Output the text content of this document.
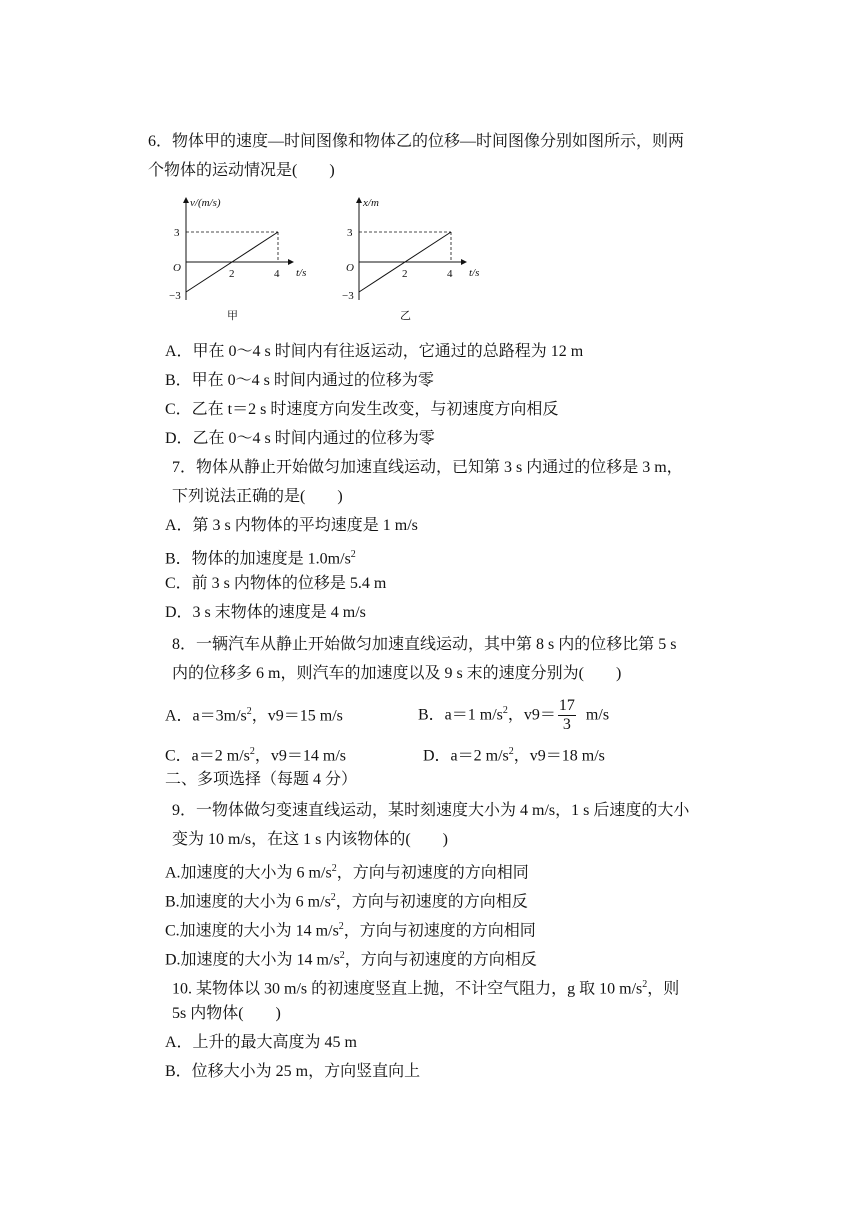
6．物体甲的速度—时间图像和物体乙的位移—时间图像分别如图所示，则两
个物体的运动情况是(　　)
v/(m/s)
t/s
O
3
−3
2	4
甲
x/m
t/s
O
3
−3
2	4
乙
A．甲在 0～4 s 时间内有往返运动，它通过的总路程为 12 m
B．甲在 0～4 s 时间内通过的位移为零
C．乙在 t＝2 s 时速度方向发生改变，与初速度方向相反
D．乙在 0～4 s 时间内通过的位移为零
7．物体从静止开始做匀加速直线运动，已知第 3 s 内通过的位移是 3 m，
下列说法正确的是(　　)
A．第 3 s 内物体的平均速度是 1 m/s
B．物体的加速度是 $1.0m/s^2$
C．前 3 s 内物体的位移是 5.4 m
D．3 s 末物体的速度是 4 m/s
8．一辆汽车从静止开始做匀加速直线运动，其中第 8 s 内的位移比第 5 s
内的位移多 6 m，则汽车的加速度以及 9 s 末的速度分别为(　　)
A．$a=3m/s^2$，v9＝15 m/s	B．a＝1 $m/s^2$，$v9= \frac{17}{3} m/s$
C．a＝2 $m/s^2$，v9＝14 m/s	D．a＝2 $m/s^2$，v9＝18 m/s
二、多项选择（每题 4 分）
9．一物体做匀变速直线运动，某时刻速度大小为 4 m/s，1 s 后速度的大小
变为 10 m/s，在这 1 s 内该物体的(　　)
A.加速度的大小为 6 $m/s^2$，方向与初速度的方向相同
B.加速度的大小为 6 $m/s^2$，方向与初速度的方向相反
C.加速度的大小为 14 $m/s^2$，方向与初速度的方向相同
D.加速度的大小为 14 $m/s^2$，方向与初速度的方向相反
10. 某物体以 30 m/s 的初速度竖直上抛，不计空气阻力，g 取 10 $m/s^2$，则
5s 内物体(　　)
A．上升的最大高度为 45 m
B．位移大小为 25 m，方向竖直向上
